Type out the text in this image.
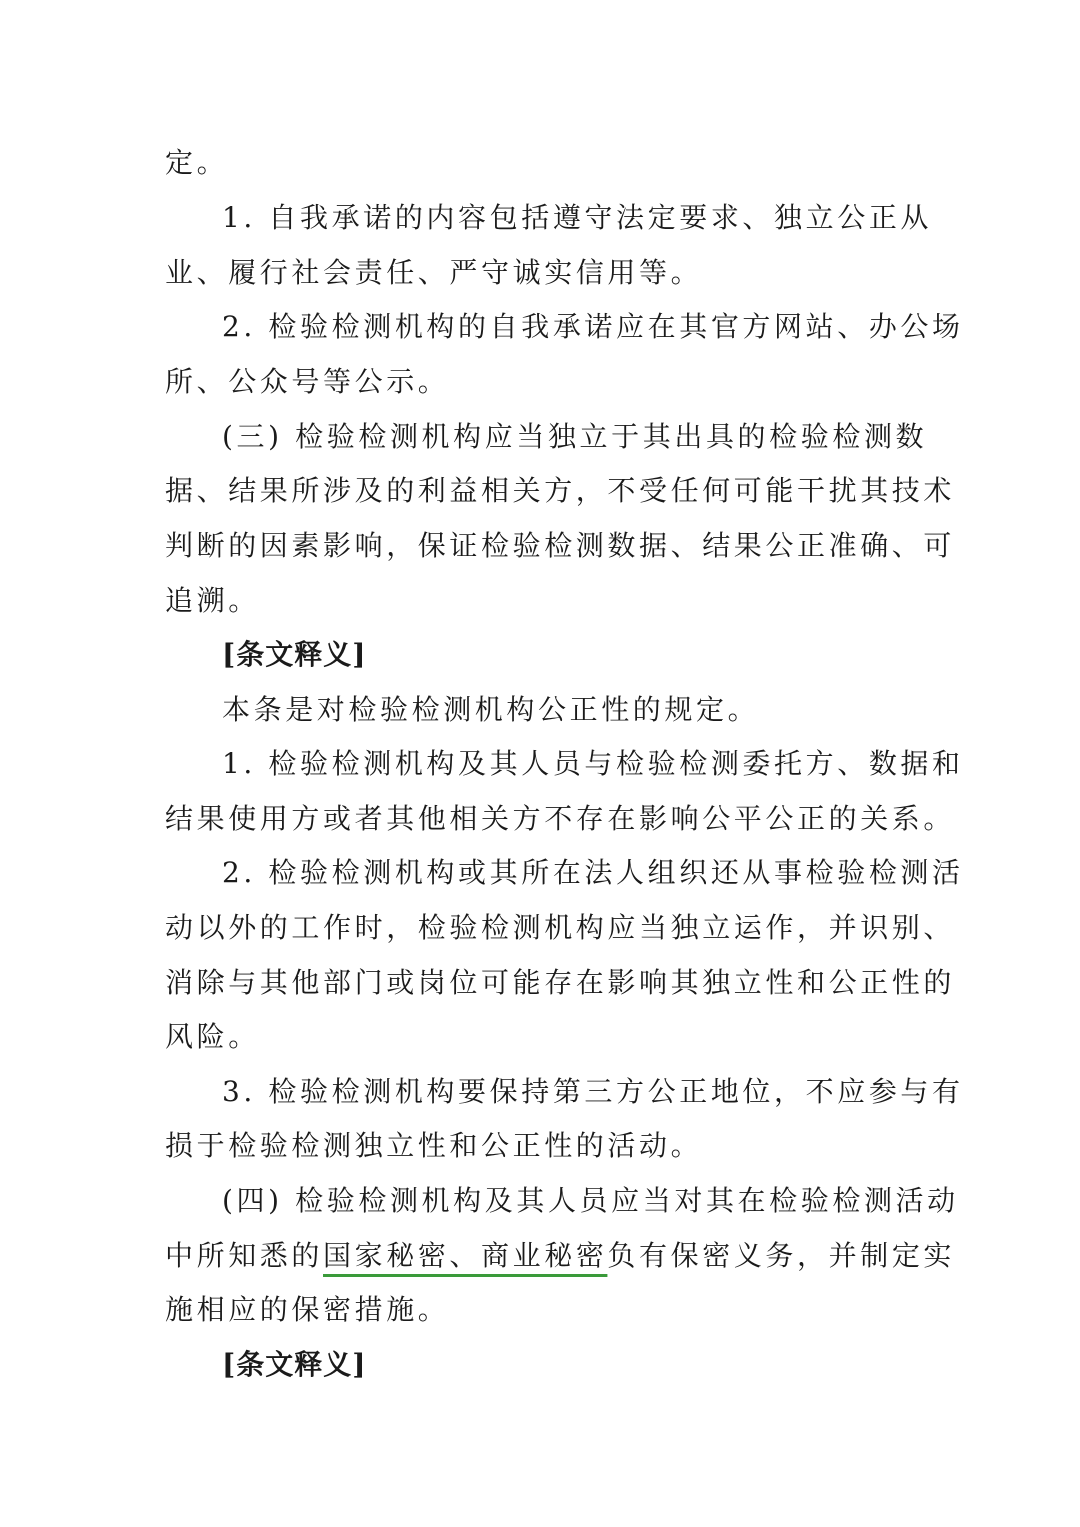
定。
1. 自我承诺的内容包括遵守法定要求、独立公正从
业、履行社会责任、严守诚实信用等。
2. 检验检测机构的自我承诺应在其官方网站、办公场
所、公众号等公示。
(三) 检验检测机构应当独立于其出具的检验检测数
据、结果所涉及的利益相关方，不受任何可能干扰其技术
判断的因素影响，保证检验检测数据、结果公正准确、可
追溯。
[条文释义]
本条是对检验检测机构公正性的规定。
1. 检验检测机构及其人员与检验检测委托方、数据和
结果使用方或者其他相关方不存在影响公平公正的关系。
2. 检验检测机构或其所在法人组织还从事检验检测活
动以外的工作时，检验检测机构应当独立运作，并识别、
消除与其他部门或岗位可能存在影响其独立性和公正性的
风险。
3. 检验检测机构要保持第三方公正地位，不应参与有
损于检验检测独立性和公正性的活动。
(四) 检验检测机构及其人员应当对其在检验检测活动
中所知悉的国家秘密、商业秘密负有保密义务，并制定实
施相应的保密措施。
[条文释义]
